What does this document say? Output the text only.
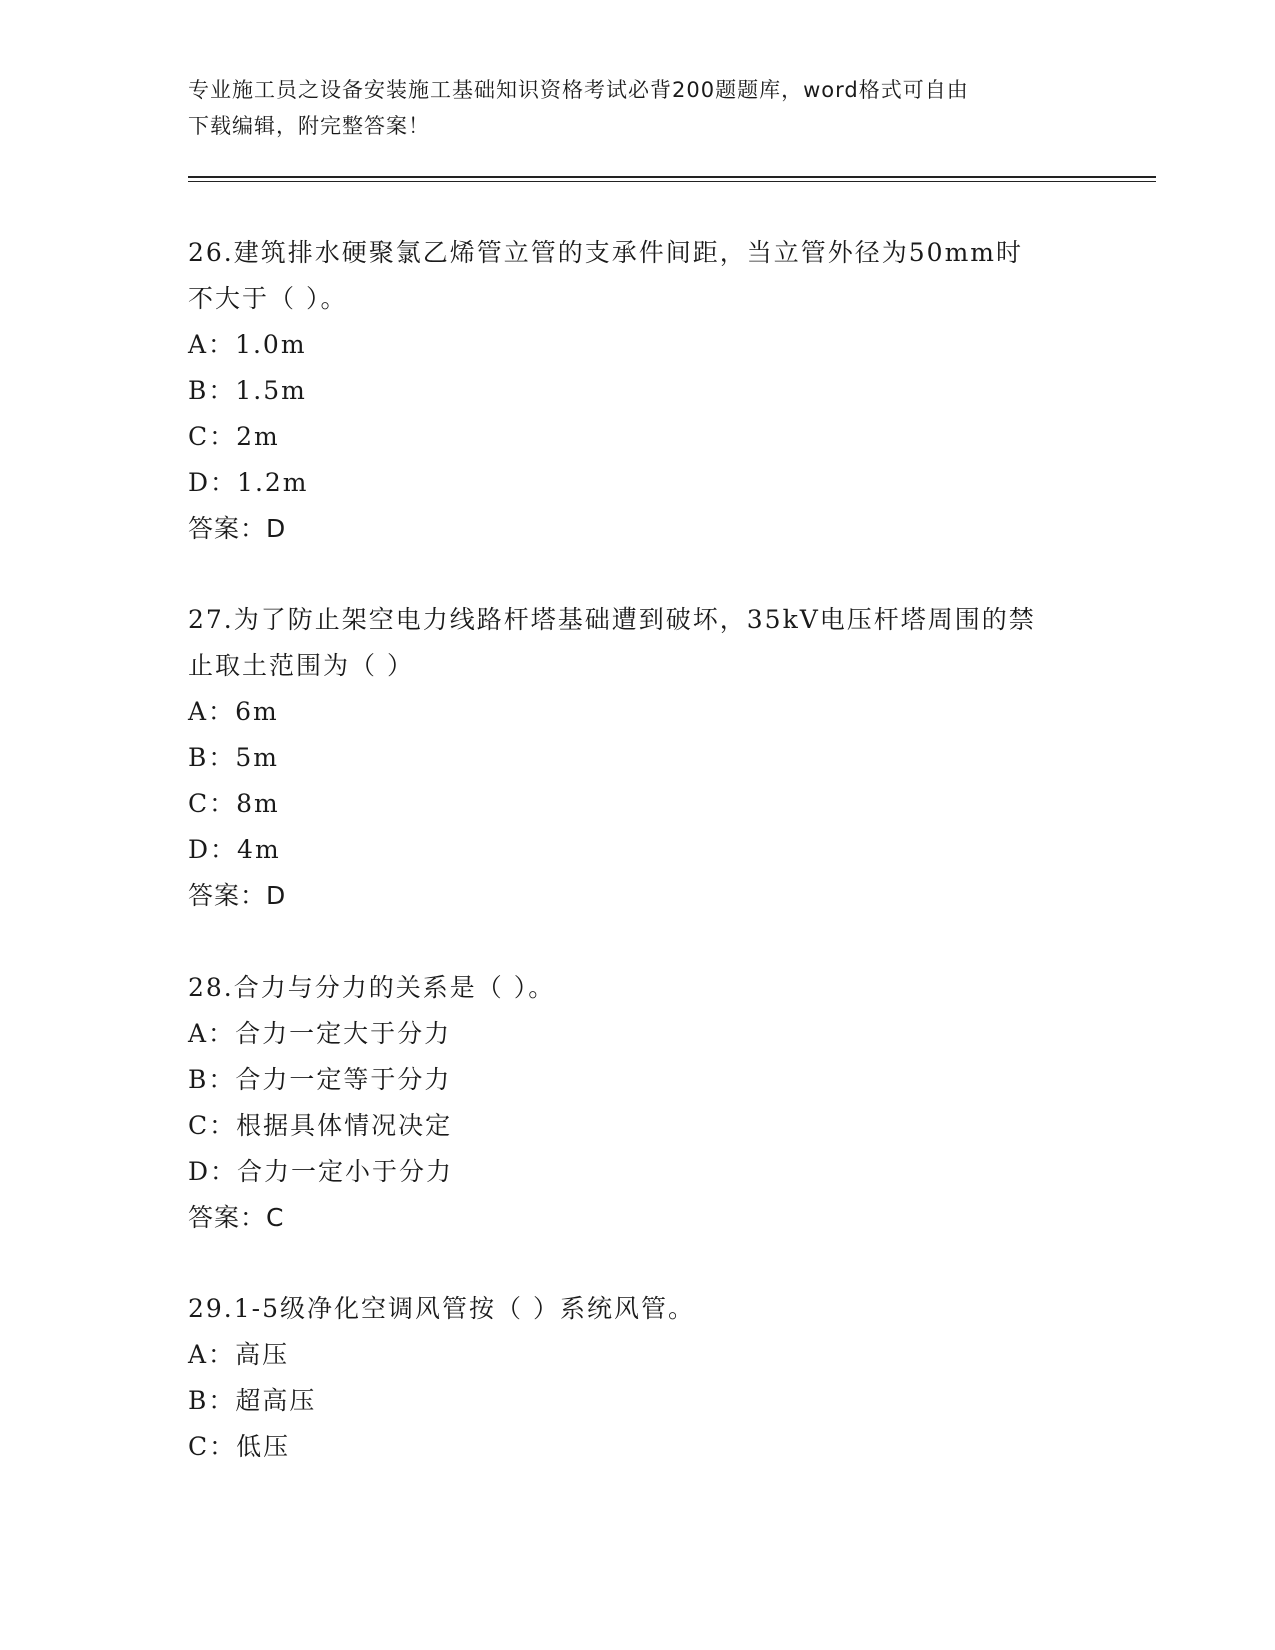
专业施工员之设备安装施工基础知识资格考试必背200题题库，word格式可自由
下载编辑，附完整答案！

26.建筑排水硬聚氯乙烯管立管的支承件间距，当立管外径为50mm时

不大于（ ）。

A：1.0m
B：1.5m
C：2m
D：1.2m
答案：D

27.为了防止架空电力线路杆塔基础遭到破坏，35kV电压杆塔周围的禁

止取土范围为（ ）

A：6m
B：5m
C：8m
D：4m
答案：D

28.合力与分力的关系是（ ）。

A：合力一定大于分力
B：合力一定等于分力
C：根据具体情况决定
D：合力一定小于分力
答案：C

29.1-5级净化空调风管按（ ）系统风管。

A：高压
B：超高压
C：低压
